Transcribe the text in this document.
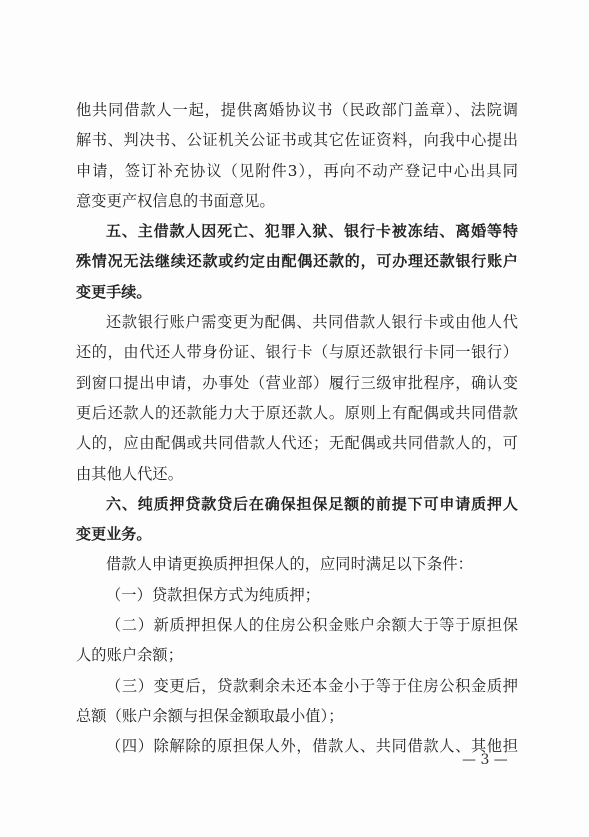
他共同借款人一起，提供离婚协议书（民政部门盖章）、法院调
解书、判决书、公证机关公证书或其它佐证资料，向我中心提出
申请，签订补充协议（见附件3），再向不动产登记中心出具同
意变更产权信息的书面意见。
五、主借款人因死亡、犯罪入狱、银行卡被冻结、离婚等特
殊情况无法继续还款或约定由配偶还款的，可办理还款银行账户
变更手续。
还款银行账户需变更为配偶、共同借款人银行卡或由他人代
还的，由代还人带身份证、银行卡（与原还款银行卡同一银行）
到窗口提出申请，办事处（营业部）履行三级审批程序，确认变
更后还款人的还款能力大于原还款人。原则上有配偶或共同借款
人的，应由配偶或共同借款人代还；无配偶或共同借款人的，可
由其他人代还。
六、纯质押贷款贷后在确保担保足额的前提下可申请质押人
变更业务。
借款人申请更换质押担保人的，应同时满足以下条件：
（一）贷款担保方式为纯质押；
（二）新质押担保人的住房公积金账户余额大于等于原担保
人的账户余额；
（三）变更后，贷款剩余未还本金小于等于住房公积金质押
总额（账户余额与担保金额取最小值）；
（四）除解除的原担保人外，借款人、共同借款人、其他担
— 3 —
